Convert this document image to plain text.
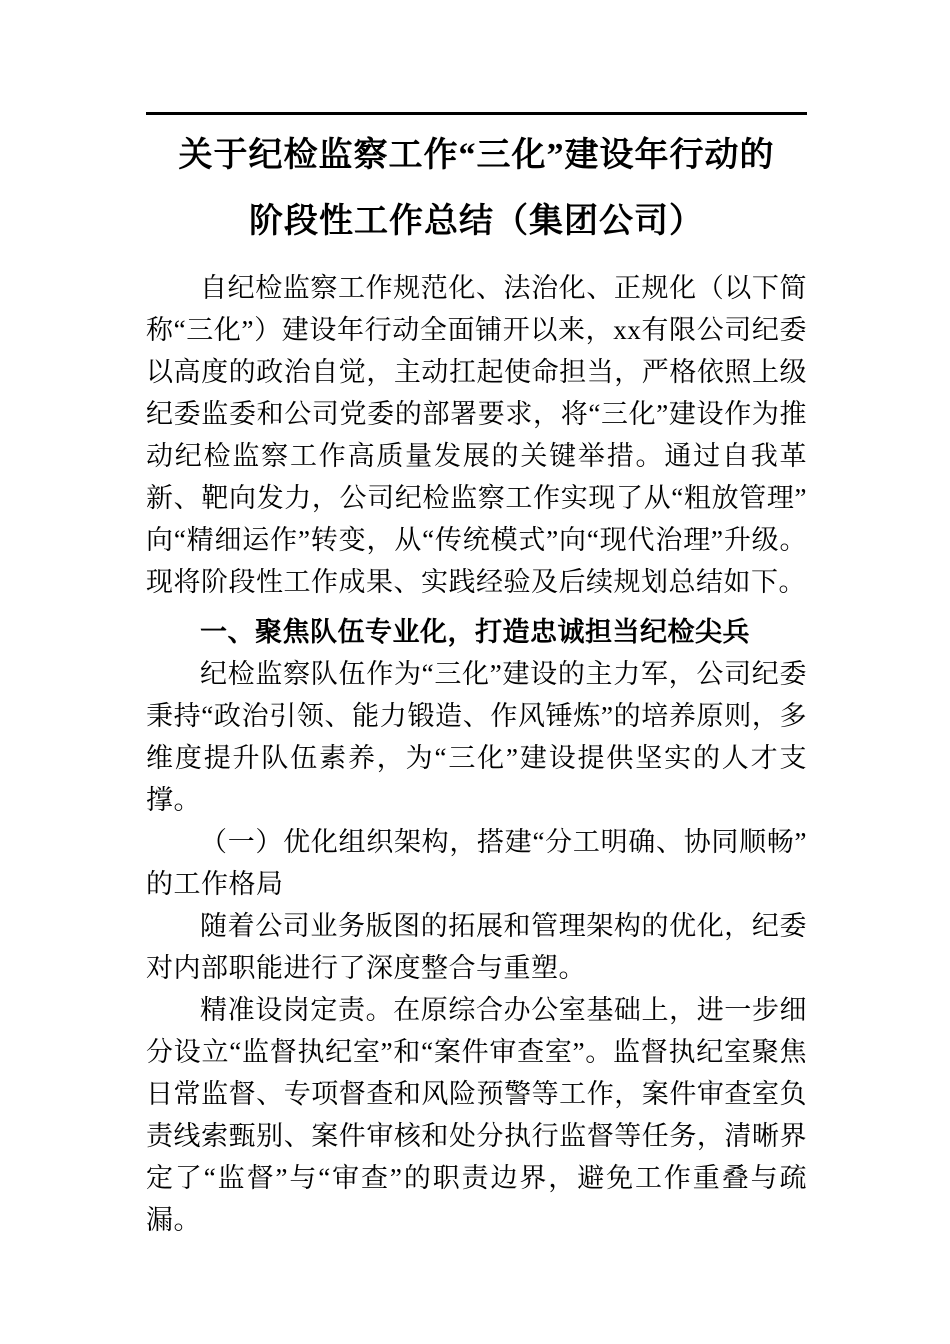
关于纪检监察工作“三化”建设年行动的
阶段性工作总结（集团公司）

自纪检监察工作规范化、法治化、正规化（以下简称“三化”）建设年行动全面铺开以来，xx有限公司纪委以高度的政治自觉，主动扛起使命担当，严格依照上级纪委监委和公司党委的部署要求，将“三化”建设作为推动纪检监察工作高质量发展的关键举措。通过自我革新、靶向发力，公司纪检监察工作实现了从“粗放管理”向“精细运作”转变，从“传统模式”向“现代治理”升级。现将阶段性工作成果、实践经验及后续规划总结如下。

一、聚焦队伍专业化，打造忠诚担当纪检尖兵

纪检监察队伍作为“三化”建设的主力军，公司纪委秉持“政治引领、能力锻造、作风锤炼”的培养原则，多维度提升队伍素养，为“三化”建设提供坚实的人才支撑。

（一）优化组织架构，搭建“分工明确、协同顺畅”的工作格局

随着公司业务版图的拓展和管理架构的优化，纪委对内部职能进行了深度整合与重塑。

精准设岗定责。在原综合办公室基础上，进一步细分设立“监督执纪室”和“案件审查室”。监督执纪室聚焦日常监督、专项督查和风险预警等工作，案件审查室负责线索甄别、案件审核和处分执行监督等任务，清晰界定了“监督”与“审查”的职责边界，避免工作重叠与疏漏。
